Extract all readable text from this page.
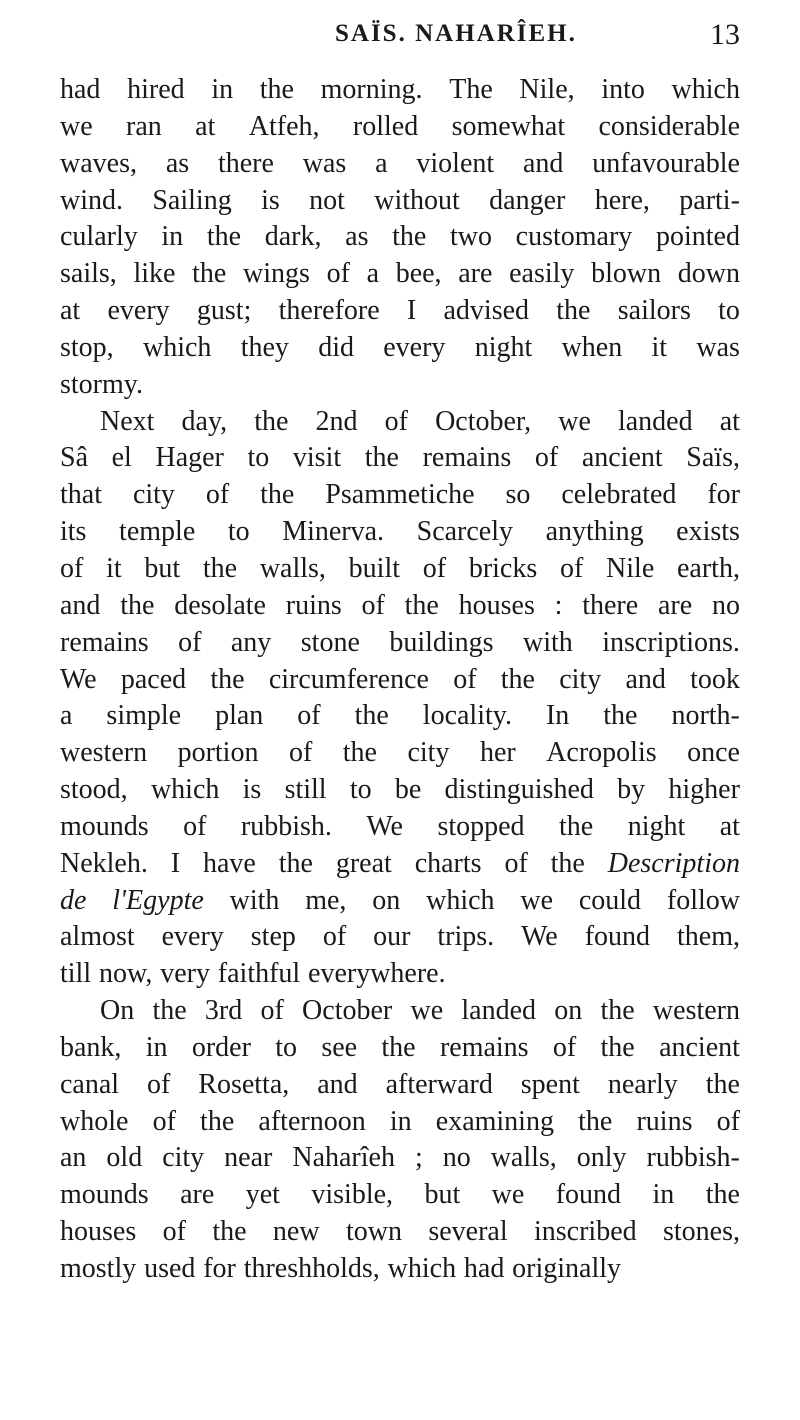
SAÏS. NAHARÎEH.	13
had hired in the morning. The Nile, into which
we ran at Atfeh, rolled somewhat considerable
waves, as there was a violent and unfavourable
wind. Sailing is not without danger here, parti-
cularly in the dark, as the two customary pointed
sails, like the wings of a bee, are easily blown down
at every gust; therefore I advised the sailors to
stop, which they did every night when it was
stormy.
Next day, the 2nd of October, we landed at
Sâ el Hager to visit the remains of ancient Saïs,
that city of the Psammetiche so celebrated for
its temple to Minerva. Scarcely anything exists
of it but the walls, built of bricks of Nile earth,
and the desolate ruins of the houses : there are no
remains of any stone buildings with inscriptions.
We paced the circumference of the city and took
a simple plan of the locality. In the north-
western portion of the city her Acropolis once
stood, which is still to be distinguished by higher
mounds of rubbish. We stopped the night at
Nekleh. I have the great charts of the Description
de l'Egypte with me, on which we could follow
almost every step of our trips. We found them,
till now, very faithful everywhere.
On the 3rd of October we landed on the western
bank, in order to see the remains of the ancient
canal of Rosetta, and afterward spent nearly the
whole of the afternoon in examining the ruins of
an old city near Naharîeh ; no walls, only rubbish-
mounds are yet visible, but we found in the
houses of the new town several inscribed stones,
mostly used for threshholds, which had originally
